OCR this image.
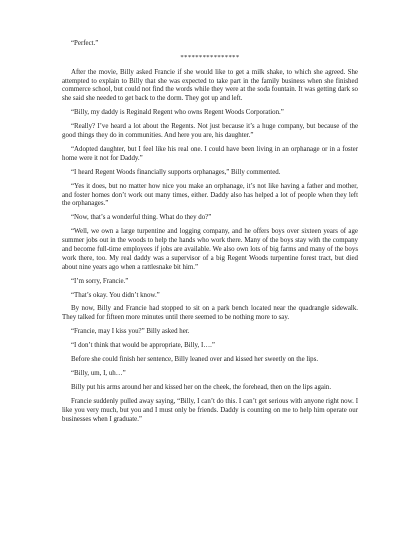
“Perfect.”

****************

After the movie, Billy asked Francie if she would like to get a milk shake, to which she agreed. She attempted to explain to Billy that she was expected to take part in the family business when she finished commerce school, but could not find the words while they were at the soda fountain. It was getting dark so she said she needed to get back to the dorm. They got up and left.

“Billy, my daddy is Reginald Regent who owns Regent Woods Corporation.”

“Really? I’ve heard a lot about the Regents. Not just because it’s a huge company, but because of the good things they do in communities. And here you are, his daughter.”

“Adopted daughter, but I feel like his real one. I could have been living in an orphanage or in a foster home were it not for Daddy.”

“I heard Regent Woods financially supports orphanages,” Billy commented.

“Yes it does, but no matter how nice you make an orphanage, it’s not like having a father and mother, and foster homes don’t work out many times, either. Daddy also has helped a lot of people when they left the orphanages.”

“Now, that’s a wonderful thing. What do they do?”

“Well, we own a large turpentine and logging company, and he offers boys over sixteen years of age summer jobs out in the woods to help the hands who work there. Many of the boys stay with the company and become full-time employees if jobs are available. We also own lots of big farms and many of the boys work there, too. My real daddy was a supervisor of a big Regent Woods turpentine forest tract, but died about nine years ago when a rattlesnake bit him.”

“I’m sorry, Francie.”

“That’s okay. You didn’t know.”

By now, Billy and Francie had stopped to sit on a park bench located near the quadrangle sidewalk. They talked for fifteen more minutes until there seemed to be nothing more to say.

“Francie, may I kiss you?” Billy asked her.

“I don’t think that would be appropriate, Billy, I….”

Before she could finish her sentence, Billy leaned over and kissed her sweetly on the lips.

“Billy, um, I, uh…”

Billy put his arms around her and kissed her on the cheek, the forehead, then on the lips again.

Francie suddenly pulled away saying, “Billy, I can’t do this. I can’t get serious with anyone right now. I like you very much, but you and I must only be friends. Daddy is counting on me to help him operate our businesses when I graduate.”
